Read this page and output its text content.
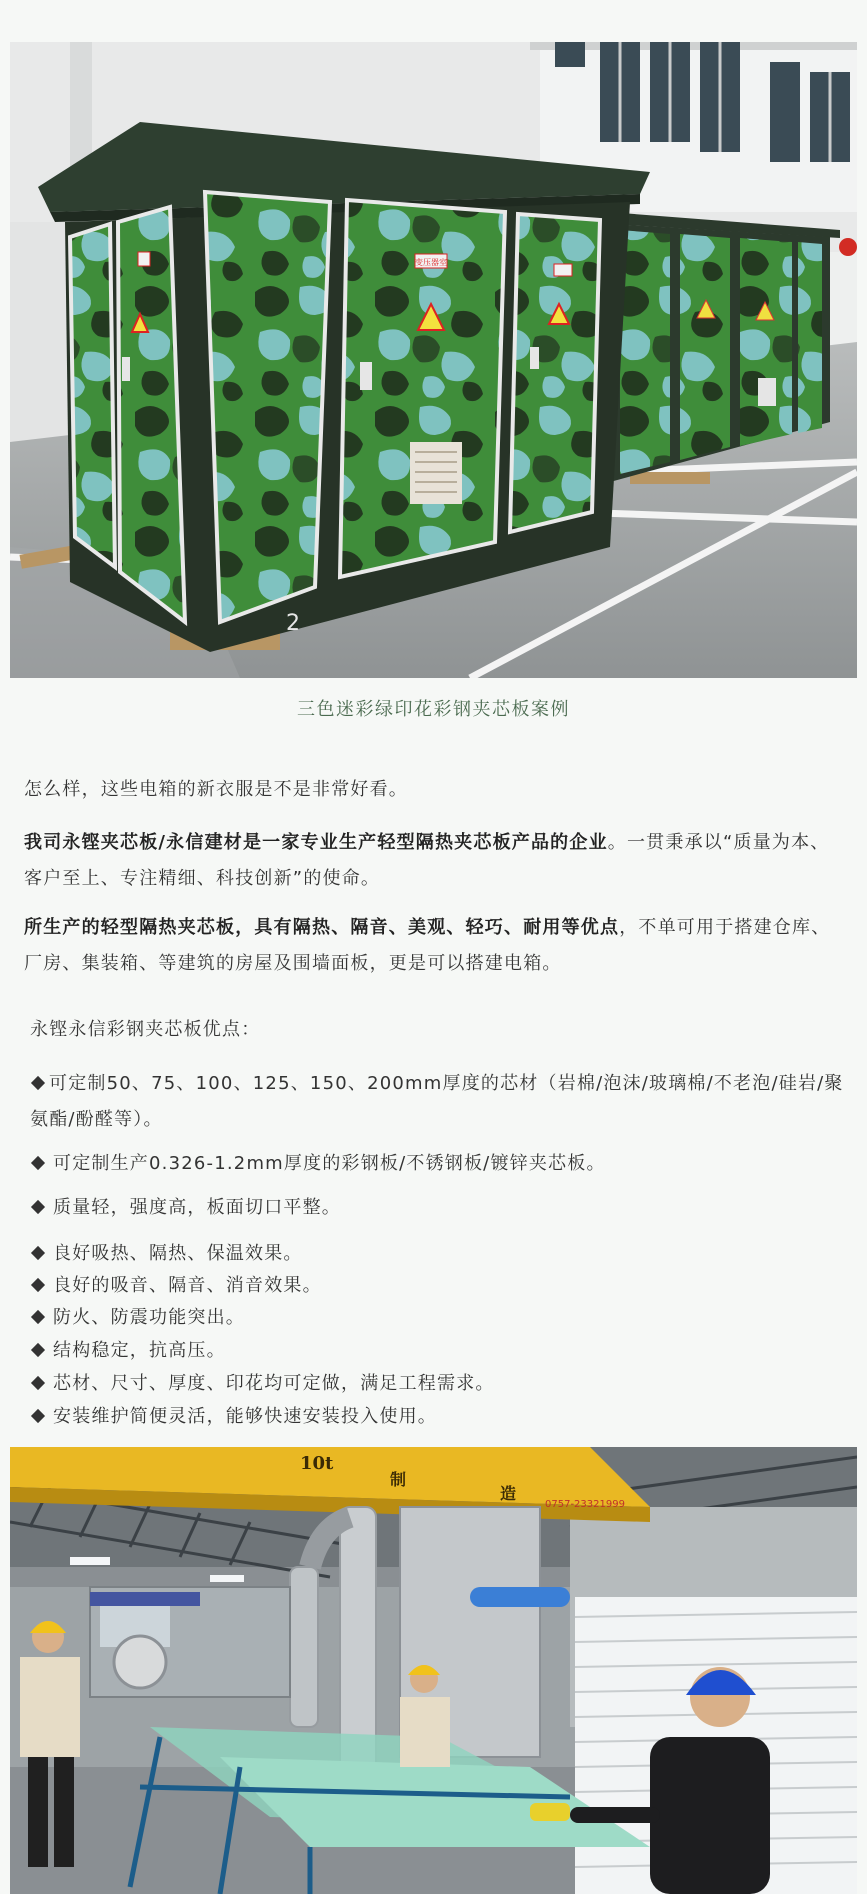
变压器室
2
三色迷彩绿印花彩钢夹芯板案例
怎么样，这些电箱的新衣服是不是非常好看。
我司永铿夹芯板/永信建材是一家专业生产轻型隔热夹芯板产品的企业。一贯秉承以“质量为本、客户至上、专注精细、科技创新”的使命。
所生产的轻型隔热夹芯板，具有隔热、隔音、美观、轻巧、耐用等优点，不单可用于搭建仓库、厂房、集装箱、等建筑的房屋及围墙面板，更是可以搭建电箱。
永铿永信彩钢夹芯板优点：
可定制50、75、100、125、150、200mm厚度的芯材（岩棉/泡沫/玻璃棉/不老泡/硅岩/聚氨酯/酚醛等）。
可定制生产0.326-1.2mm厚度的彩钢板/不锈钢板/镀锌夹芯板。
质量轻，强度高，板面切口平整。
良好吸热、隔热、保温效果。
良好的吸音、隔音、消音效果。
防火、防震功能突出。
结构稳定，抗高压。
芯材、尺寸、厚度、印花均可定做，满足工程需求。
安装维护简便灵活，能够快速安装投入使用。
10t
制
造
0757-23321999
